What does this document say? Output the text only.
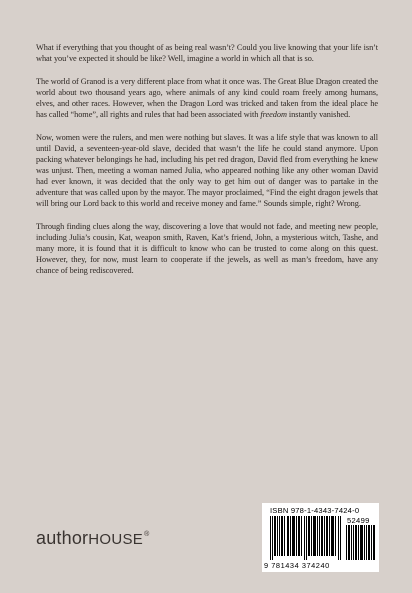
What if everything that you thought of as being real wasn’t? Could you live knowing that your life isn’t what you’ve expected it should be like? Well, imagine a world in which all that is so.

The world of Granod is a very different place from what it once was. The Great Blue Dragon created the world about two thousand years ago, where animals of any kind could roam freely among humans, elves, and other races. However, when the Dragon Lord was tricked and taken from the ideal place he has called “home”, all rights and rules that had been associated with freedom instantly vanished.

Now, women were the rulers, and men were nothing but slaves. It was a life style that was known to all until David, a seventeen-year-old slave, decided that wasn’t the life he could stand anymore. Upon packing whatever belongings he had, including his pet red dragon, David fled from everything he knew was unjust. Then, meeting a woman named Julia, who appeared nothing like any other woman David had ever known, it was decided that the only way to get him out of danger was to partake in the adventure that was called upon by the mayor. The mayor proclaimed, “Find the eight dragon jewels that will bring our Lord back to this world and receive money and fame.” Sounds simple, right? Wrong.

Through finding clues along the way, discovering a love that would not fade, and meeting new people, including Julia’s cousin, Kat, weapon smith, Raven, Kat’s friend, John, a mysterious witch, Tashe, and many more, it is found that it is difficult to know who can be trusted to come along on this quest. However, they, for now, must learn to cooperate if the jewels, as well as man’s freedom, have any chance of being rediscovered.

authorHOUSE®
ISBN 978-1-4343-7424-0
52499
9 781434 374240
